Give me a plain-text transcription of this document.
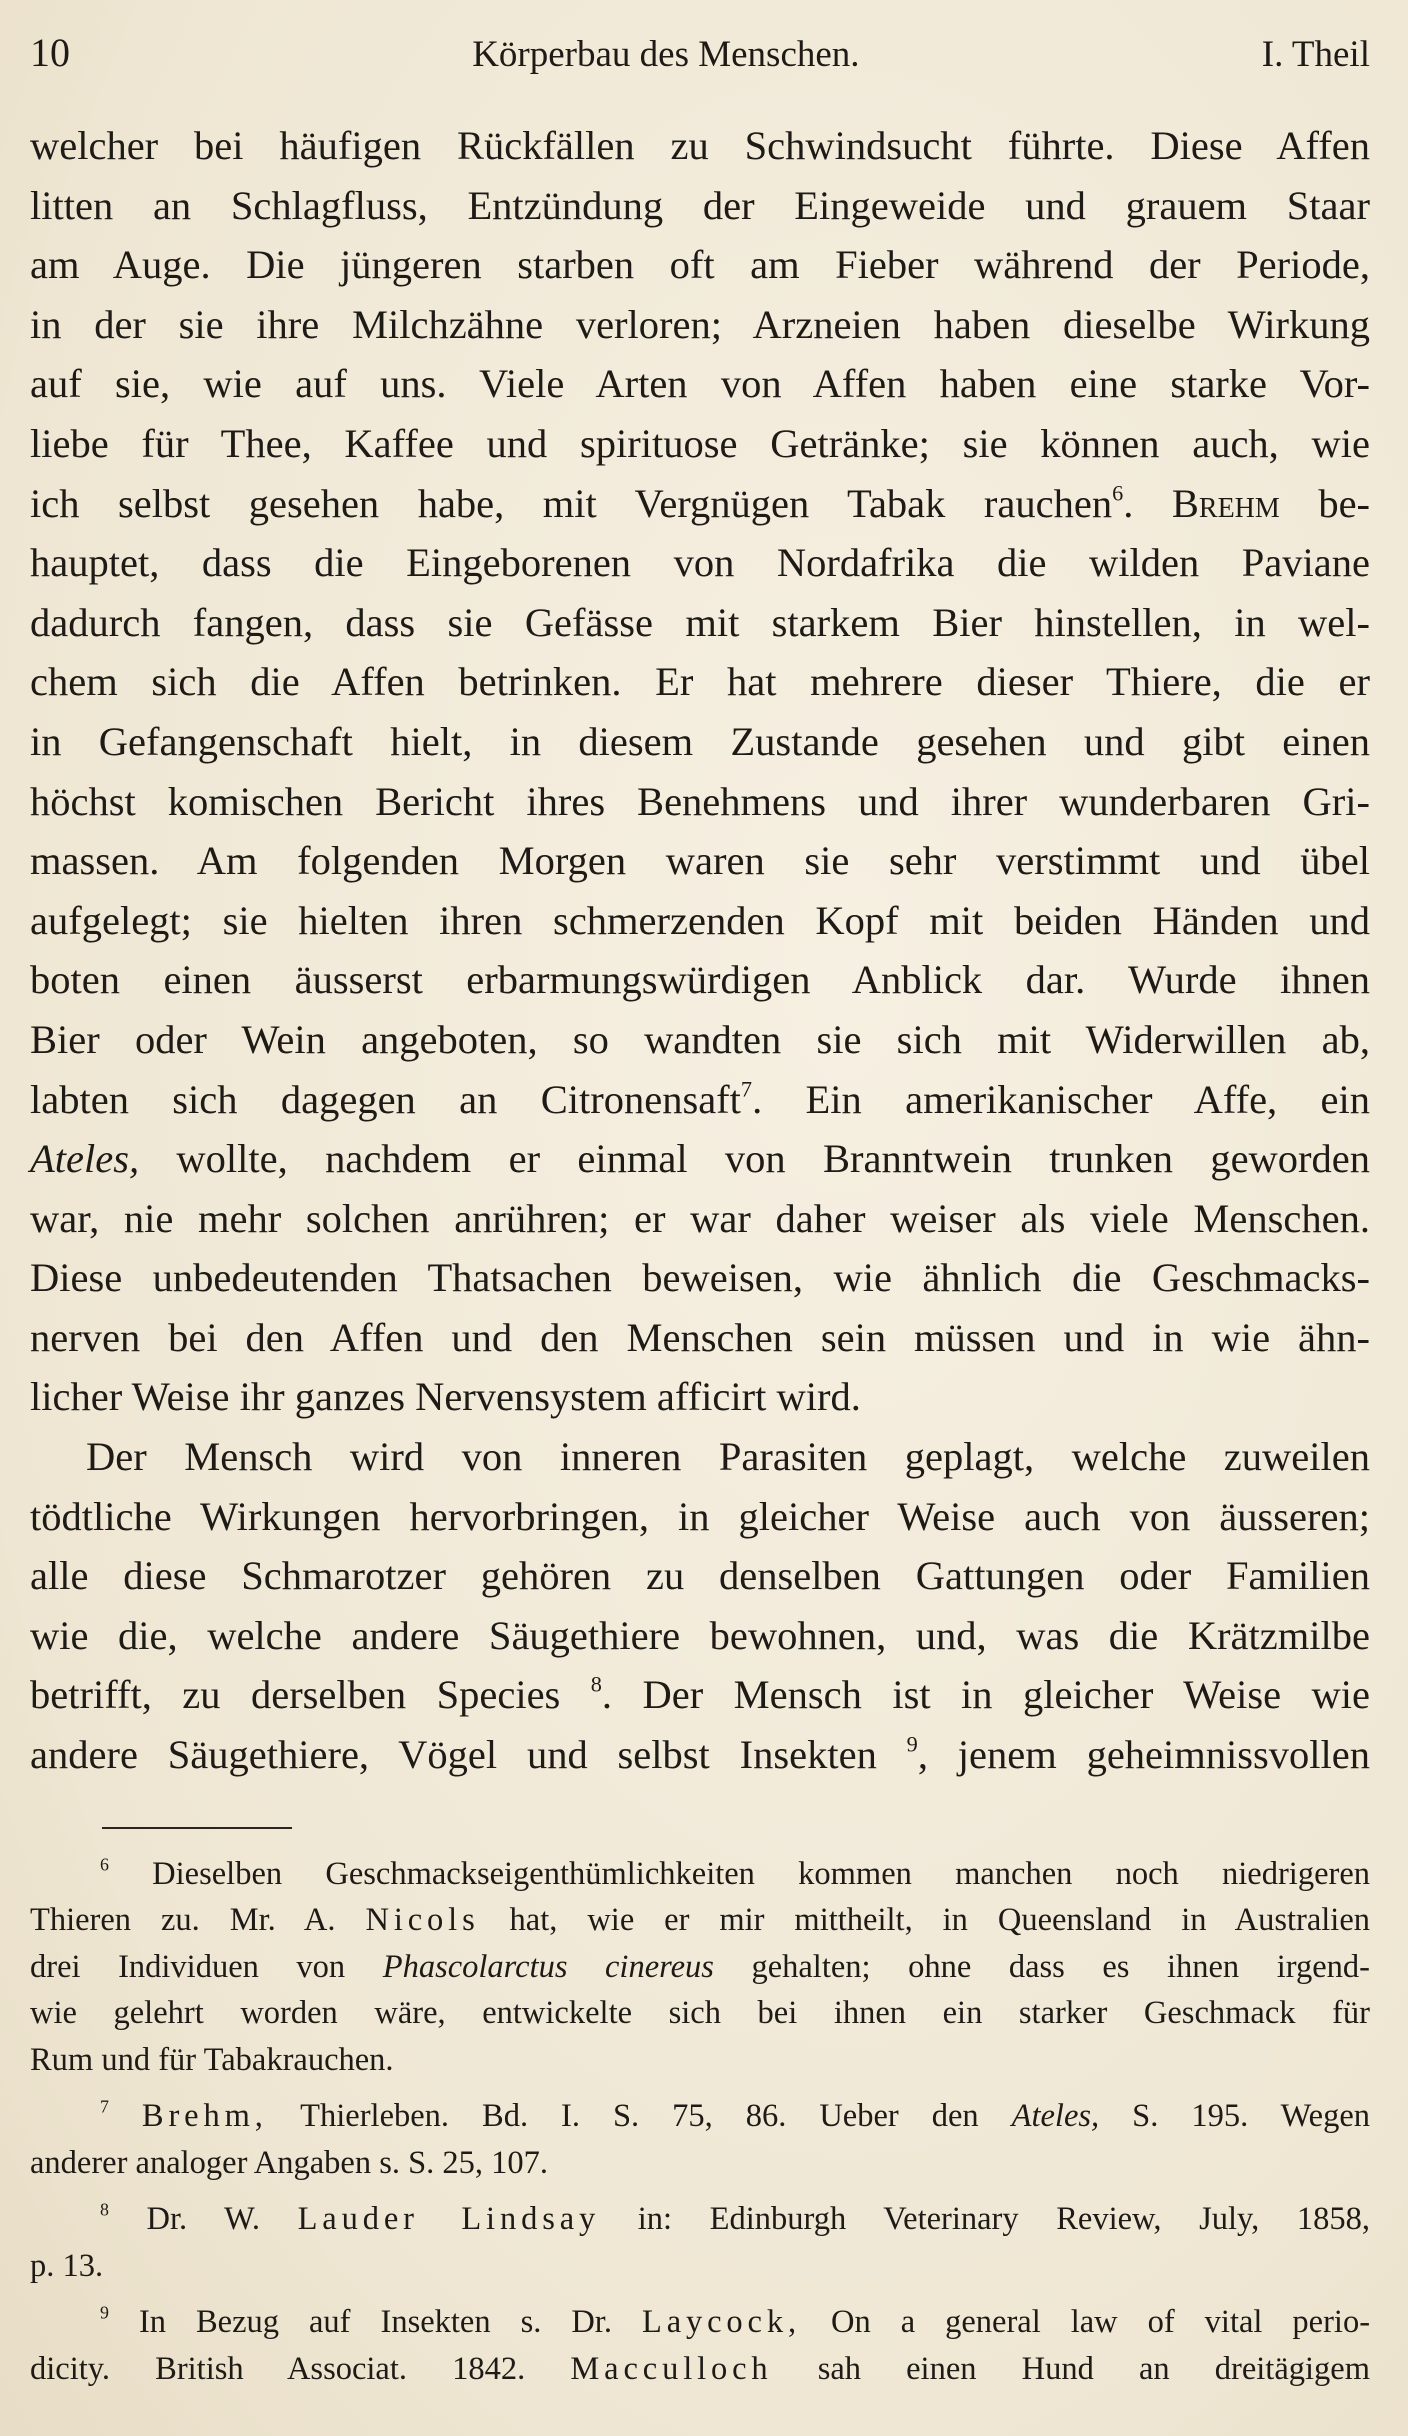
10	Körperbau des Menschen.	I. Theil
welcher bei häufigen Rückfällen zu Schwindsucht führte. Diese Affen
litten an Schlagfluss, Entzündung der Eingeweide und grauem Staar
am Auge. Die jüngeren starben oft am Fieber während der Periode,
in der sie ihre Milchzähne verloren; Arzneien haben dieselbe Wirkung
auf sie, wie auf uns. Viele Arten von Affen haben eine starke Vor-
liebe für Thee, Kaffee und spirituose Getränke; sie können auch, wie
ich selbst gesehen habe, mit Vergnügen Tabak rauchen$^6$. Brehm be-
hauptet, dass die Eingeborenen von Nordafrika die wilden Paviane
dadurch fangen, dass sie Gefässe mit starkem Bier hinstellen, in wel-
chem sich die Affen betrinken. Er hat mehrere dieser Thiere, die er
in Gefangenschaft hielt, in diesem Zustande gesehen und gibt einen
höchst komischen Bericht ihres Benehmens und ihrer wunderbaren Gri-
massen. Am folgenden Morgen waren sie sehr verstimmt und übel
aufgelegt; sie hielten ihren schmerzenden Kopf mit beiden Händen und
boten einen äusserst erbarmungswürdigen Anblick dar. Wurde ihnen
Bier oder Wein angeboten, so wandten sie sich mit Widerwillen ab,
labten sich dagegen an Citronensaft$^7$. Ein amerikanischer Affe, ein
Ateles, wollte, nachdem er einmal von Branntwein trunken geworden
war, nie mehr solchen anrühren; er war daher weiser als viele Menschen.
Diese unbedeutenden Thatsachen beweisen, wie ähnlich die Geschmacks-
nerven bei den Affen und den Menschen sein müssen und in wie ähn-
licher Weise ihr ganzes Nervensystem afficirt wird.
Der Mensch wird von inneren Parasiten geplagt, welche zuweilen
tödtliche Wirkungen hervorbringen, in gleicher Weise auch von äusseren;
alle diese Schmarotzer gehören zu denselben Gattungen oder Familien
wie die, welche andere Säugethiere bewohnen, und, was die Krätzmilbe
betrifft, zu derselben Species $^8$. Der Mensch ist in gleicher Weise wie
andere Säugethiere, Vögel und selbst Insekten $^9$, jenem geheimnissvollen
$^6$ Dieselben Geschmackseigenthümlichkeiten kommen manchen noch niedrigeren
Thieren zu. Mr. A. Nicols hat, wie er mir mittheilt, in Queensland in Australien
drei Individuen von Phascolarctus cinereus gehalten; ohne dass es ihnen irgend-
wie gelehrt worden wäre, entwickelte sich bei ihnen ein starker Geschmack für
Rum und für Tabakrauchen.
$^7$ Brehm, Thierleben. Bd. I. S. 75, 86. Ueber den Ateles, S. 195. Wegen
anderer analoger Angaben s. S. 25, 107.
$^8$ Dr. W. Lauder Lindsay in: Edinburgh Veterinary Review, July, 1858,
p. 13.
$^9$ In Bezug auf Insekten s. Dr. Laycock, On a general law of vital perio-
dicity. British Associat. 1842. Macculloch sah einen Hund an dreitägigem
